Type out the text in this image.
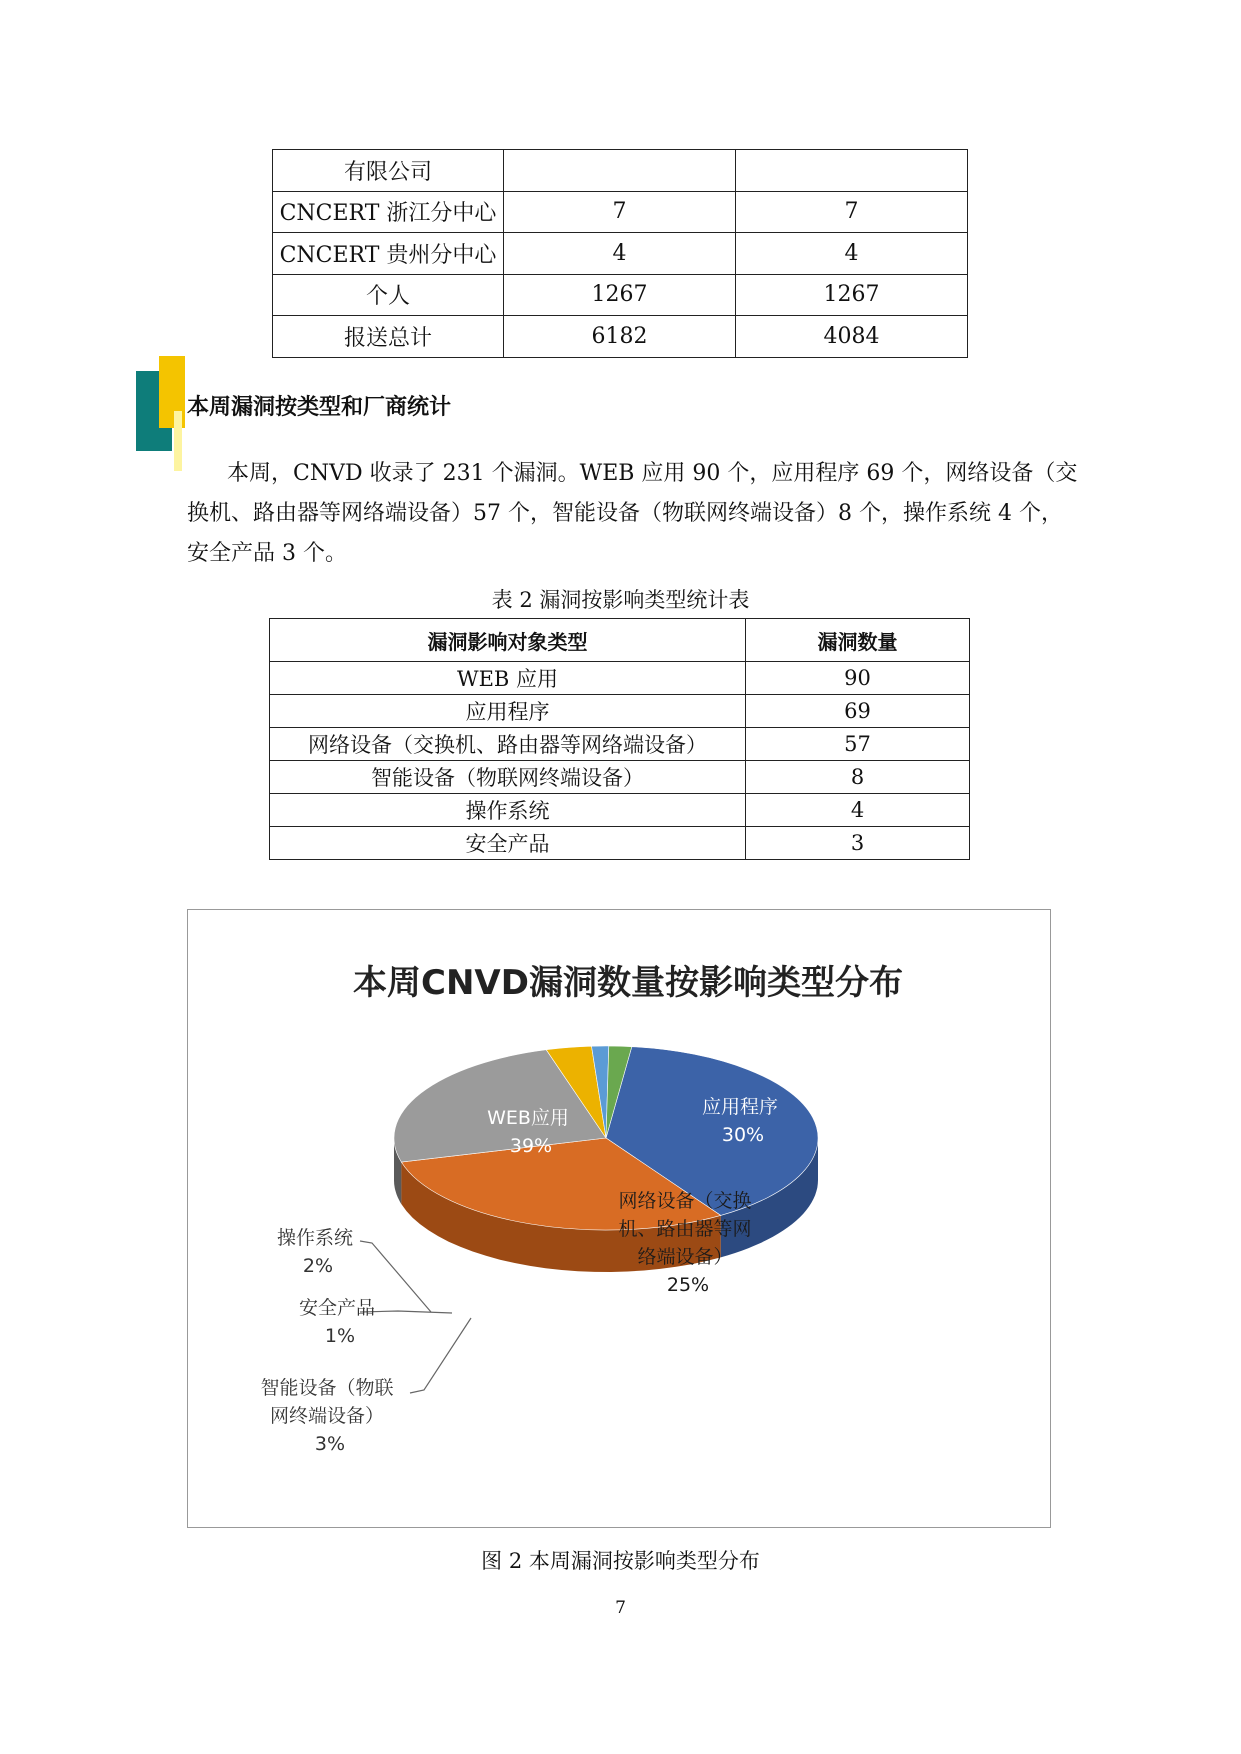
有限公司		
CNCERT 浙江分中心	7	7
CNCERT 贵州分中心	4	4
个人	1267	1267
报送总计	6182	4084
本周漏洞按类型和厂商统计

本周，CNVD 收录了 231 个漏洞。WEB 应用 90 个，应用程序 69 个，网络设备（交

换机、路由器等网络端设备）57 个，智能设备（物联网终端设备）8 个，操作系统 4 个，

安全产品 3 个。

表 2 漏洞按影响类型统计表

漏洞影响对象类型	漏洞数量
WEB 应用	90
应用程序	69
网络设备（交换机、路由器等网络端设备）	57
智能设备（物联网终端设备）	8
操作系统	4
安全产品	3
本周CNVD漏洞数量按影响类型分布
WEB应用 39%
应用程序 30%
网络设备（交换 机、路由器等网 络端设备） 25%
操作系统 2%
安全产品 1%
智能设备（物联 网终端设备） 3%

图 2 本周漏洞按影响类型分布

7
